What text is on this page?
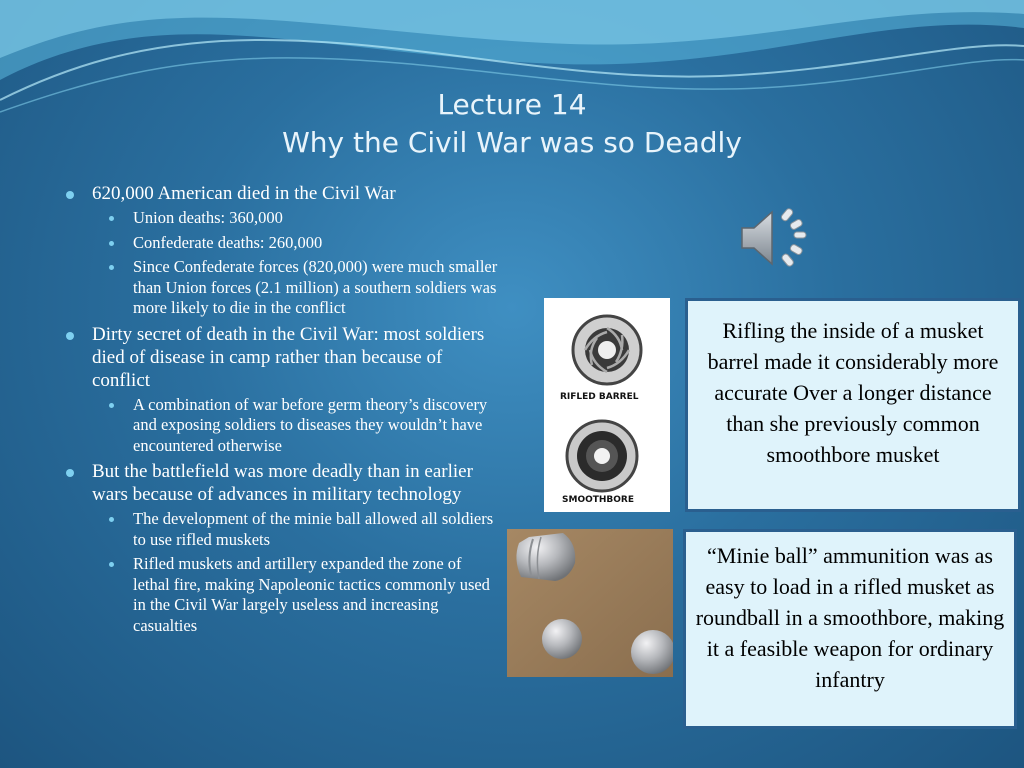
Lecture 14
Why the Civil War was so Deadly
620,000 American died in the Civil War
Union deaths: 360,000
Confederate deaths: 260,000
Since Confederate forces (820,000) were much smaller than Union forces (2.1 million) a southern soldiers was more likely to die in the conflict
Dirty secret of death in the Civil War: most soldiers died of disease in camp rather than because of conflict
A combination of war before germ theory’s discovery and exposing soldiers to diseases they wouldn’t have encountered otherwise
But the battlefield was more deadly than in earlier wars because of advances in military technology
The development of the minie ball allowed all soldiers to use rifled muskets
Rifled muskets and artillery expanded the zone of lethal fire, making Napoleonic tactics commonly used in the Civil War largely useless and increasing casualties
RIFLED BARREL
SMOOTHBORE
Rifling the inside of a musket barrel made it considerably more accurate Over a longer distance than she previously common smoothbore musket
“Minie ball” ammunition was as easy to load in a rifled musket as roundball in a smoothbore, making it a feasible weapon for ordinary infantry
